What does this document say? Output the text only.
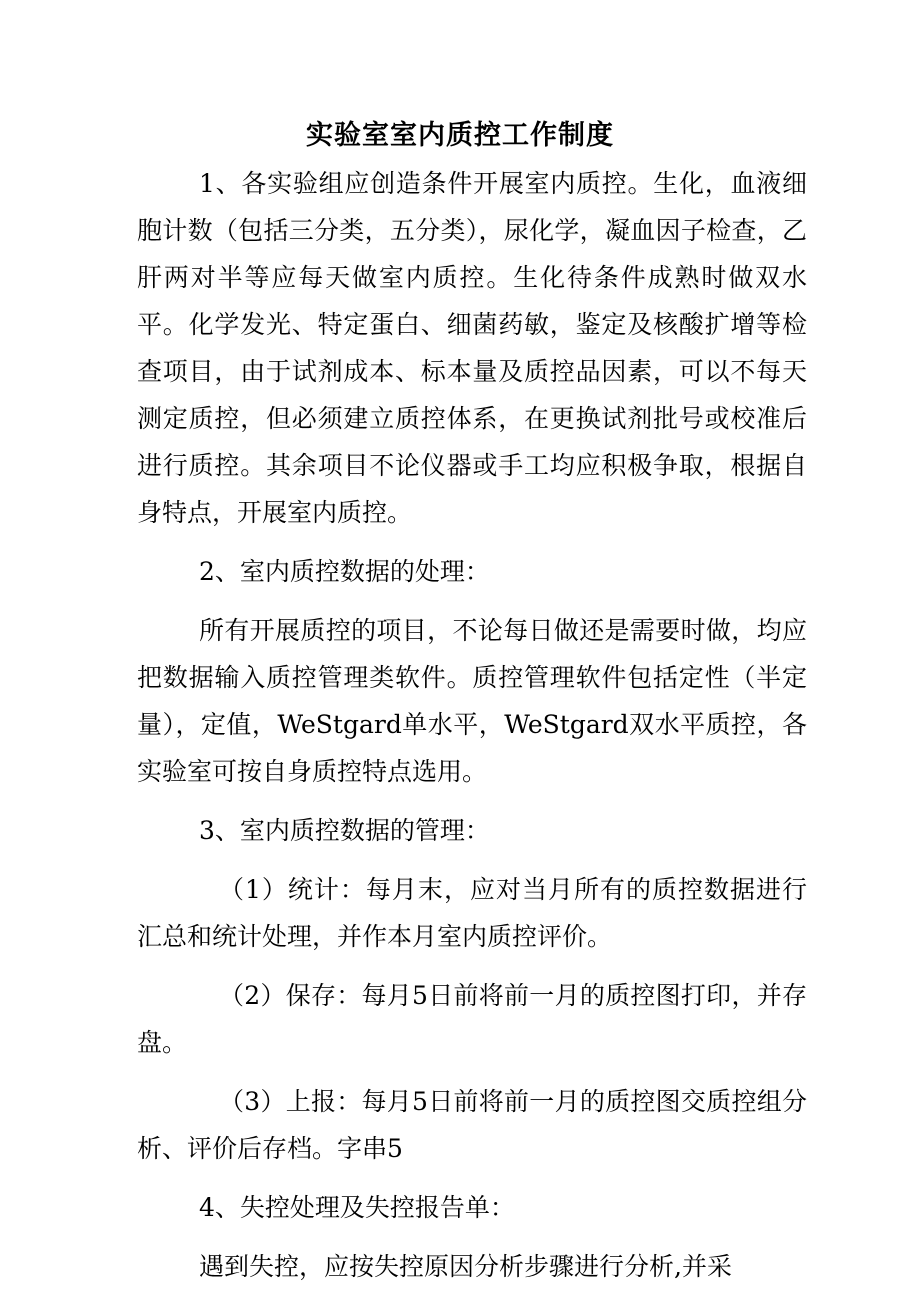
实验室室内质控工作制度

1、各实验组应创造条件开展室内质控。生化，血液细胞计数（包括三分类，五分类），尿化学，凝血因子检查，乙肝两对半等应每天做室内质控。生化待条件成熟时做双水平。化学发光、特定蛋白、细菌药敏，鉴定及核酸扩增等检查项目，由于试剂成本、标本量及质控品因素，可以不每天测定质控，但必须建立质控体系，在更换试剂批号或校准后进行质控。其余项目不论仪器或手工均应积极争取，根据自身特点，开展室内质控。

2、室内质控数据的处理：

所有开展质控的项目，不论每日做还是需要时做，均应把数据输入质控管理类软件。质控管理软件包括定性（半定量），定值，WeStgard单水平，WeStgard双水平质控，各实验室可按自身质控特点选用。

3、室内质控数据的管理：

（1）统计：每月末，应对当月所有的质控数据进行汇总和统计处理，并作本月室内质控评价。

（2）保存：每月5日前将前一月的质控图打印，并存盘。

（3）上报：每月5日前将前一月的质控图交质控组分析、评价后存档。字串5

4、失控处理及失控报告单：

遇到失控，应按失控原因分析步骤进行分析,并采
